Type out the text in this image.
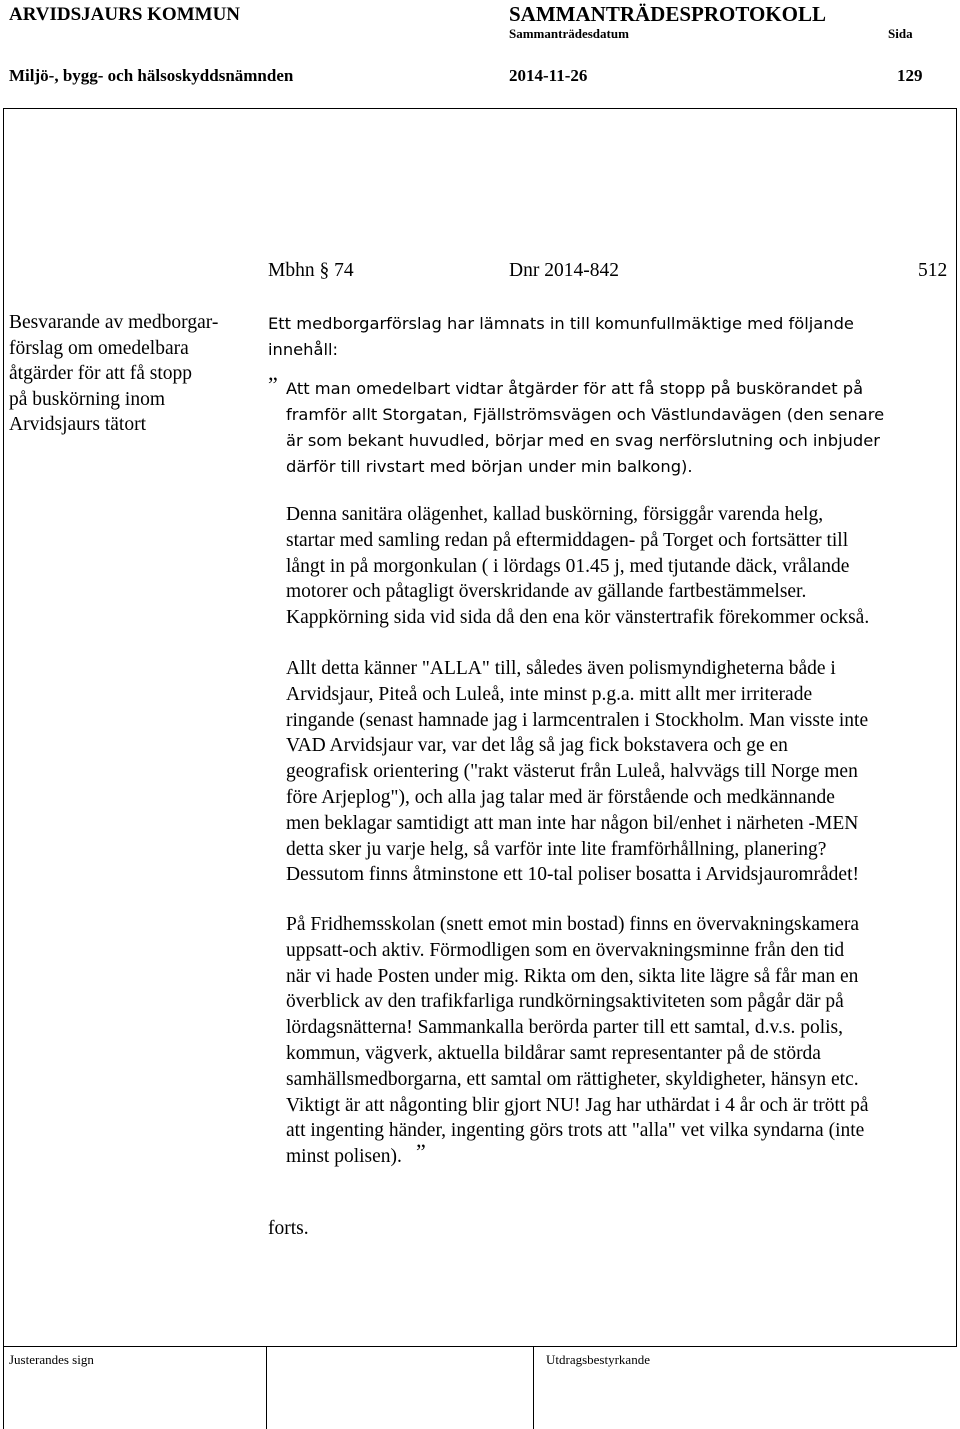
ARVIDSJAURS KOMMUN	SAMMANTRÄDESPROTOKOLL
Sammanträdesdatum	Sida
Miljö-, bygg- och hälsoskyddsnämnden	2014-11-26	129
Mbhn § 74	Dnr 2014-842	512
Besvarande av medborgar-
förslag om omedelbara
åtgärder för att få stopp
på buskörning inom
Arvidsjaurs tätort
Ett medborgarförslag har lämnats in till komunfullmäktige med följande
innehåll:
” Att man omedelbart vidtar åtgärder för att få stopp på buskörandet på
framför allt Storgatan, Fjällströmsvägen och Västlundavägen (den senare
är som bekant huvudled, börjar med en svag nerförslutning och inbjuder
därför till rivstart med början under min balkong).
Denna sanitära olägenhet, kallad buskörning, försiggår varenda helg,
startar med samling redan på eftermiddagen- på Torget och fortsätter till
långt in på morgonkulan ( i lördags 01.45 j, med tjutande däck, vrålande
motorer och påtagligt överskridande av gällande fartbestämmelser.
Kappkörning sida vid sida då den ena kör vänstertrafik förekommer också.
Allt detta känner "ALLA" till, således även polismyndigheterna både i
Arvidsjaur, Piteå och Luleå, inte minst p.g.a. mitt allt mer irriterade
ringande (senast hamnade jag i larmcentralen i Stockholm. Man visste inte
VAD Arvidsjaur var, var det låg så jag fick bokstavera och ge en
geografisk orientering ("rakt västerut från Luleå, halvvägs till Norge men
före Arjeplog"), och alla jag talar med är förstående och medkännande
men beklagar samtidigt att man inte har någon bil/enhet i närheten -MEN
detta sker ju varje helg, så varför inte lite framförhållning, planering?
Dessutom finns åtminstone ett 10-tal poliser bosatta i Arvidsjaurområdet!
På Fridhemsskolan (snett emot min bostad) finns en övervakningskamera
uppsatt-och aktiv. Förmodligen som en övervakningsminne från den tid
när vi hade Posten under mig. Rikta om den, sikta lite lägre så får man en
överblick av den trafikfarliga rundkörningsaktiviteten som pågår där på
lördagsnätterna! Sammankalla berörda parter till ett samtal, d.v.s. polis,
kommun, vägverk, aktuella bildårar samt representanter på de störda
samhällsmedborgarna, ett samtal om rättigheter, skyldigheter, hänsyn etc.
Viktigt är att någonting blir gjort NU! Jag har uthärdat i 4 år och är trött på
att ingenting händer, ingenting görs trots att "alla" vet vilka syndarna (inte
minst polisen). ”
forts.
Justerandes sign	Utdragsbestyrkande
